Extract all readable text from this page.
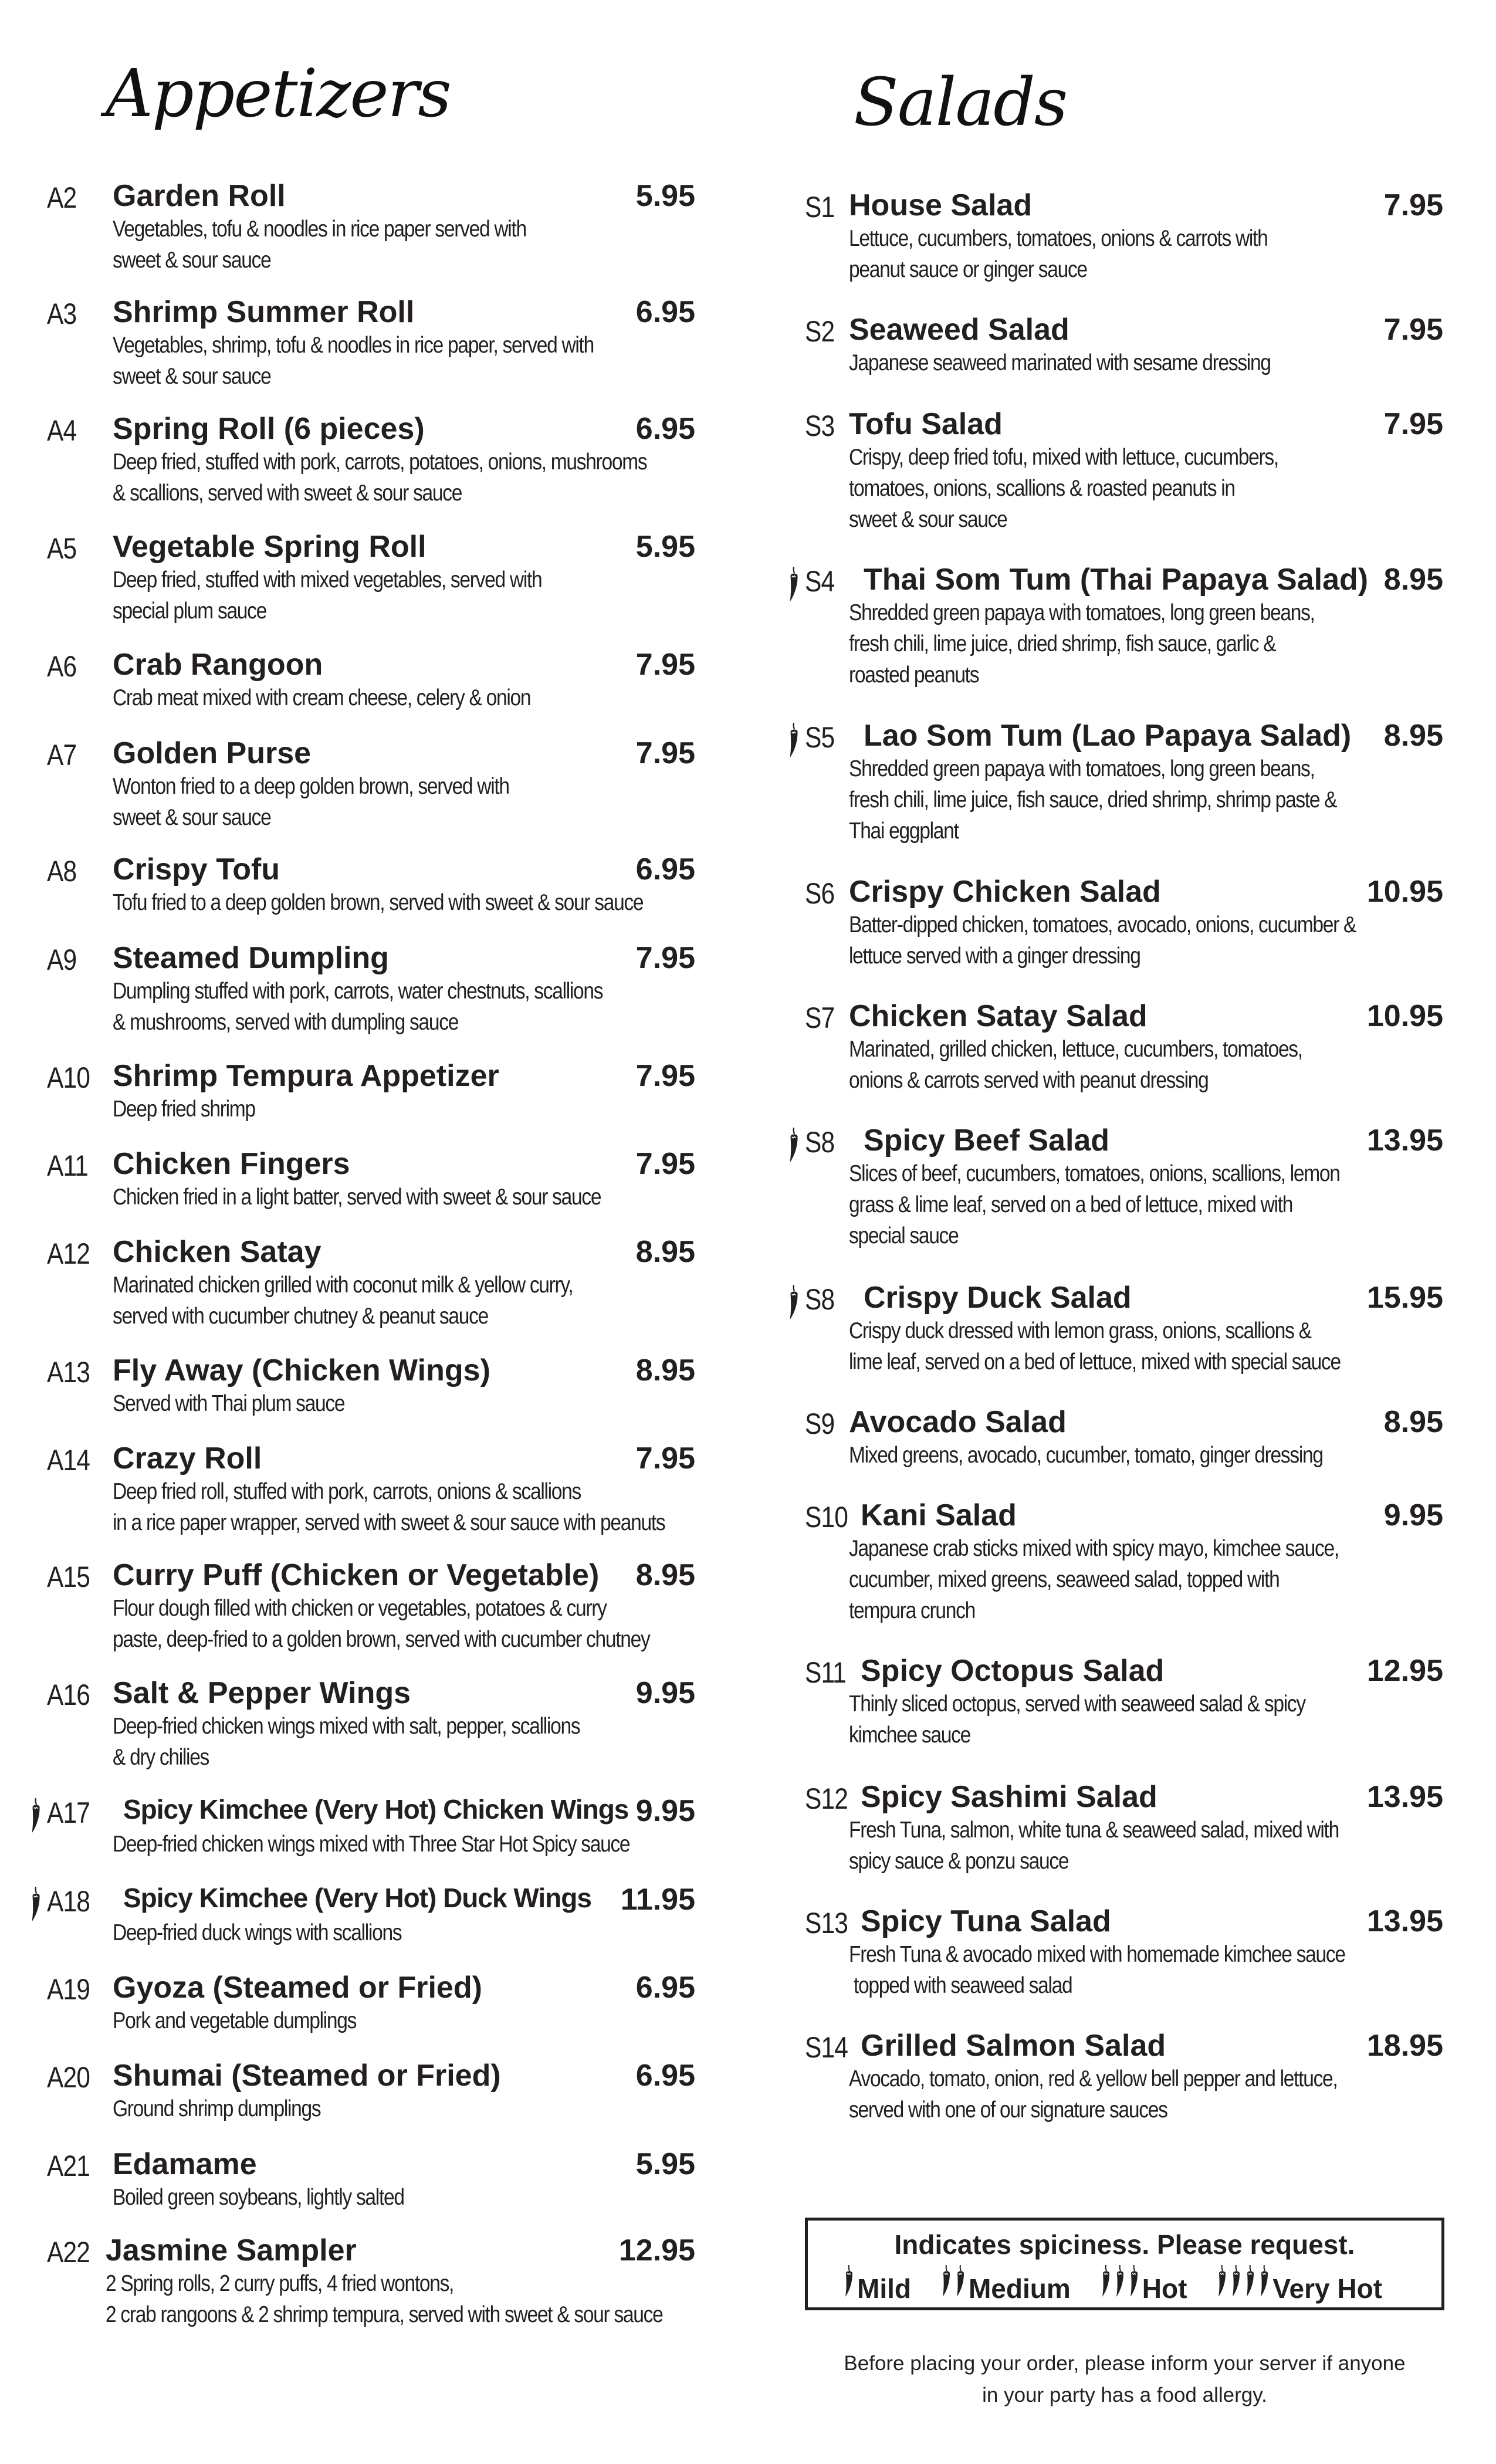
Appetizers	Salads
A2 Garden Roll	5.95
Vegetables, tofu & noodles in rice paper served with
sweet & sour sauce
A3 Shrimp Summer Roll	6.95
Vegetables, shrimp, tofu & noodles in rice paper, served with
sweet & sour sauce
A4 Spring Roll (6 pieces)	6.95
Deep fried, stuffed with pork, carrots, potatoes, onions, mushrooms
& scallions, served with sweet & sour sauce
A5 Vegetable Spring Roll	5.95
Deep fried, stuffed with mixed vegetables, served with
special plum sauce
A6 Crab Rangoon	7.95
Crab meat mixed with cream cheese, celery & onion
A7 Golden Purse	7.95
Wonton fried to a deep golden brown, served with
sweet & sour sauce
A8 Crispy Tofu	6.95
Tofu fried to a deep golden brown, served with sweet & sour sauce
A9 Steamed Dumpling	7.95
Dumpling stuffed with pork, carrots, water chestnuts, scallions
& mushrooms, served with dumpling sauce
A10 Shrimp Tempura Appetizer	7.95
Deep fried shrimp
A11 Chicken Fingers	7.95
Chicken fried in a light batter, served with sweet & sour sauce
A12 Chicken Satay	8.95
Marinated chicken grilled with coconut milk & yellow curry,
served with cucumber chutney & peanut sauce
A13 Fly Away (Chicken Wings)	8.95
Served with Thai plum sauce
A14 Crazy Roll	7.95
Deep fried roll, stuffed with pork, carrots, onions & scallions
in a rice paper wrapper, served with sweet & sour sauce with peanuts
A15 Curry Puff (Chicken or Vegetable) 8.95
Flour dough filled with chicken or vegetables, potatoes & curry
paste, deep-fried to a golden brown, served with cucumber chutney
A16 Salt & Pepper Wings	9.95
Deep-fried chicken wings mixed with salt, pepper, scallions
& dry chilies
A17 Spicy Kimchee (Very Hot) Chicken Wings 9.95
Deep-fried chicken wings mixed with Three Star Hot Spicy sauce
A18 Spicy Kimchee (Very Hot) Duck Wings 11.95
Deep-fried duck wings with scallions
A19 Gyoza (Steamed or Fried)	6.95
Pork and vegetable dumplings
A20 Shumai (Steamed or Fried)	6.95
Ground shrimp dumplings
A21 Edamame	5.95
Boiled green soybeans, lightly salted
A22 Jasmine Sampler	12.95
2 Spring rolls, 2 curry puffs, 4 fried wontons,
2 crab rangoons & 2 shrimp tempura, served with sweet & sour sauce
S1 House Salad	7.95
Lettuce, cucumbers, tomatoes, onions & carrots with
peanut sauce or ginger sauce
S2 Seaweed Salad	7.95
Japanese seaweed marinated with sesame dressing
S3 Tofu Salad	7.95
Crispy, deep fried tofu, mixed with lettuce, cucumbers,
tomatoes, onions, scallions & roasted peanuts in
sweet & sour sauce
S4 Thai Som Tum (Thai Papaya Salad) 8.95
Shredded green papaya with tomatoes, long green beans,
fresh chili, lime juice, dried shrimp, fish sauce, garlic &
roasted peanuts
S5 Lao Som Tum (Lao Papaya Salad) 8.95
Shredded green papaya with tomatoes, long green beans,
fresh chili, lime juice, fish sauce, dried shrimp, shrimp paste &
Thai eggplant
S6 Crispy Chicken Salad	10.95
Batter-dipped chicken, tomatoes, avocado, onions, cucumber &
lettuce served with a ginger dressing
S7 Chicken Satay Salad	10.95
Marinated, grilled chicken, lettuce, cucumbers, tomatoes,
onions & carrots served with peanut dressing
S8 Spicy Beef Salad	13.95
Slices of beef, cucumbers, tomatoes, onions, scallions, lemon
grass & lime leaf, served on a bed of lettuce, mixed with
special sauce
S8 Crispy Duck Salad	15.95
Crispy duck dressed with lemon grass, onions, scallions &
lime leaf, served on a bed of lettuce, mixed with special sauce
S9 Avocado Salad	8.95
Mixed greens, avocado, cucumber, tomato, ginger dressing
S10 Kani Salad	9.95
Japanese crab sticks mixed with spicy mayo, kimchee sauce,
cucumber, mixed greens, seaweed salad, topped with
tempura crunch
S11 Spicy Octopus Salad	12.95
Thinly sliced octopus, served with seaweed salad & spicy
kimchee sauce
S12 Spicy Sashimi Salad	13.95
Fresh Tuna, salmon, white tuna & seaweed salad, mixed with
spicy sauce & ponzu sauce
S13 Spicy Tuna Salad	13.95
Fresh Tuna & avocado mixed with homemade kimchee sauce
topped with seaweed salad
S14 Grilled Salmon Salad	18.95
Avocado, tomato, onion, red & yellow bell pepper and lettuce,
served with one of our signature sauces
Indicates spiciness. Please request.
Mild Medium	Hot	Very Hot
Before placing your order, please inform your server if anyone
in your party has a food allergy.
